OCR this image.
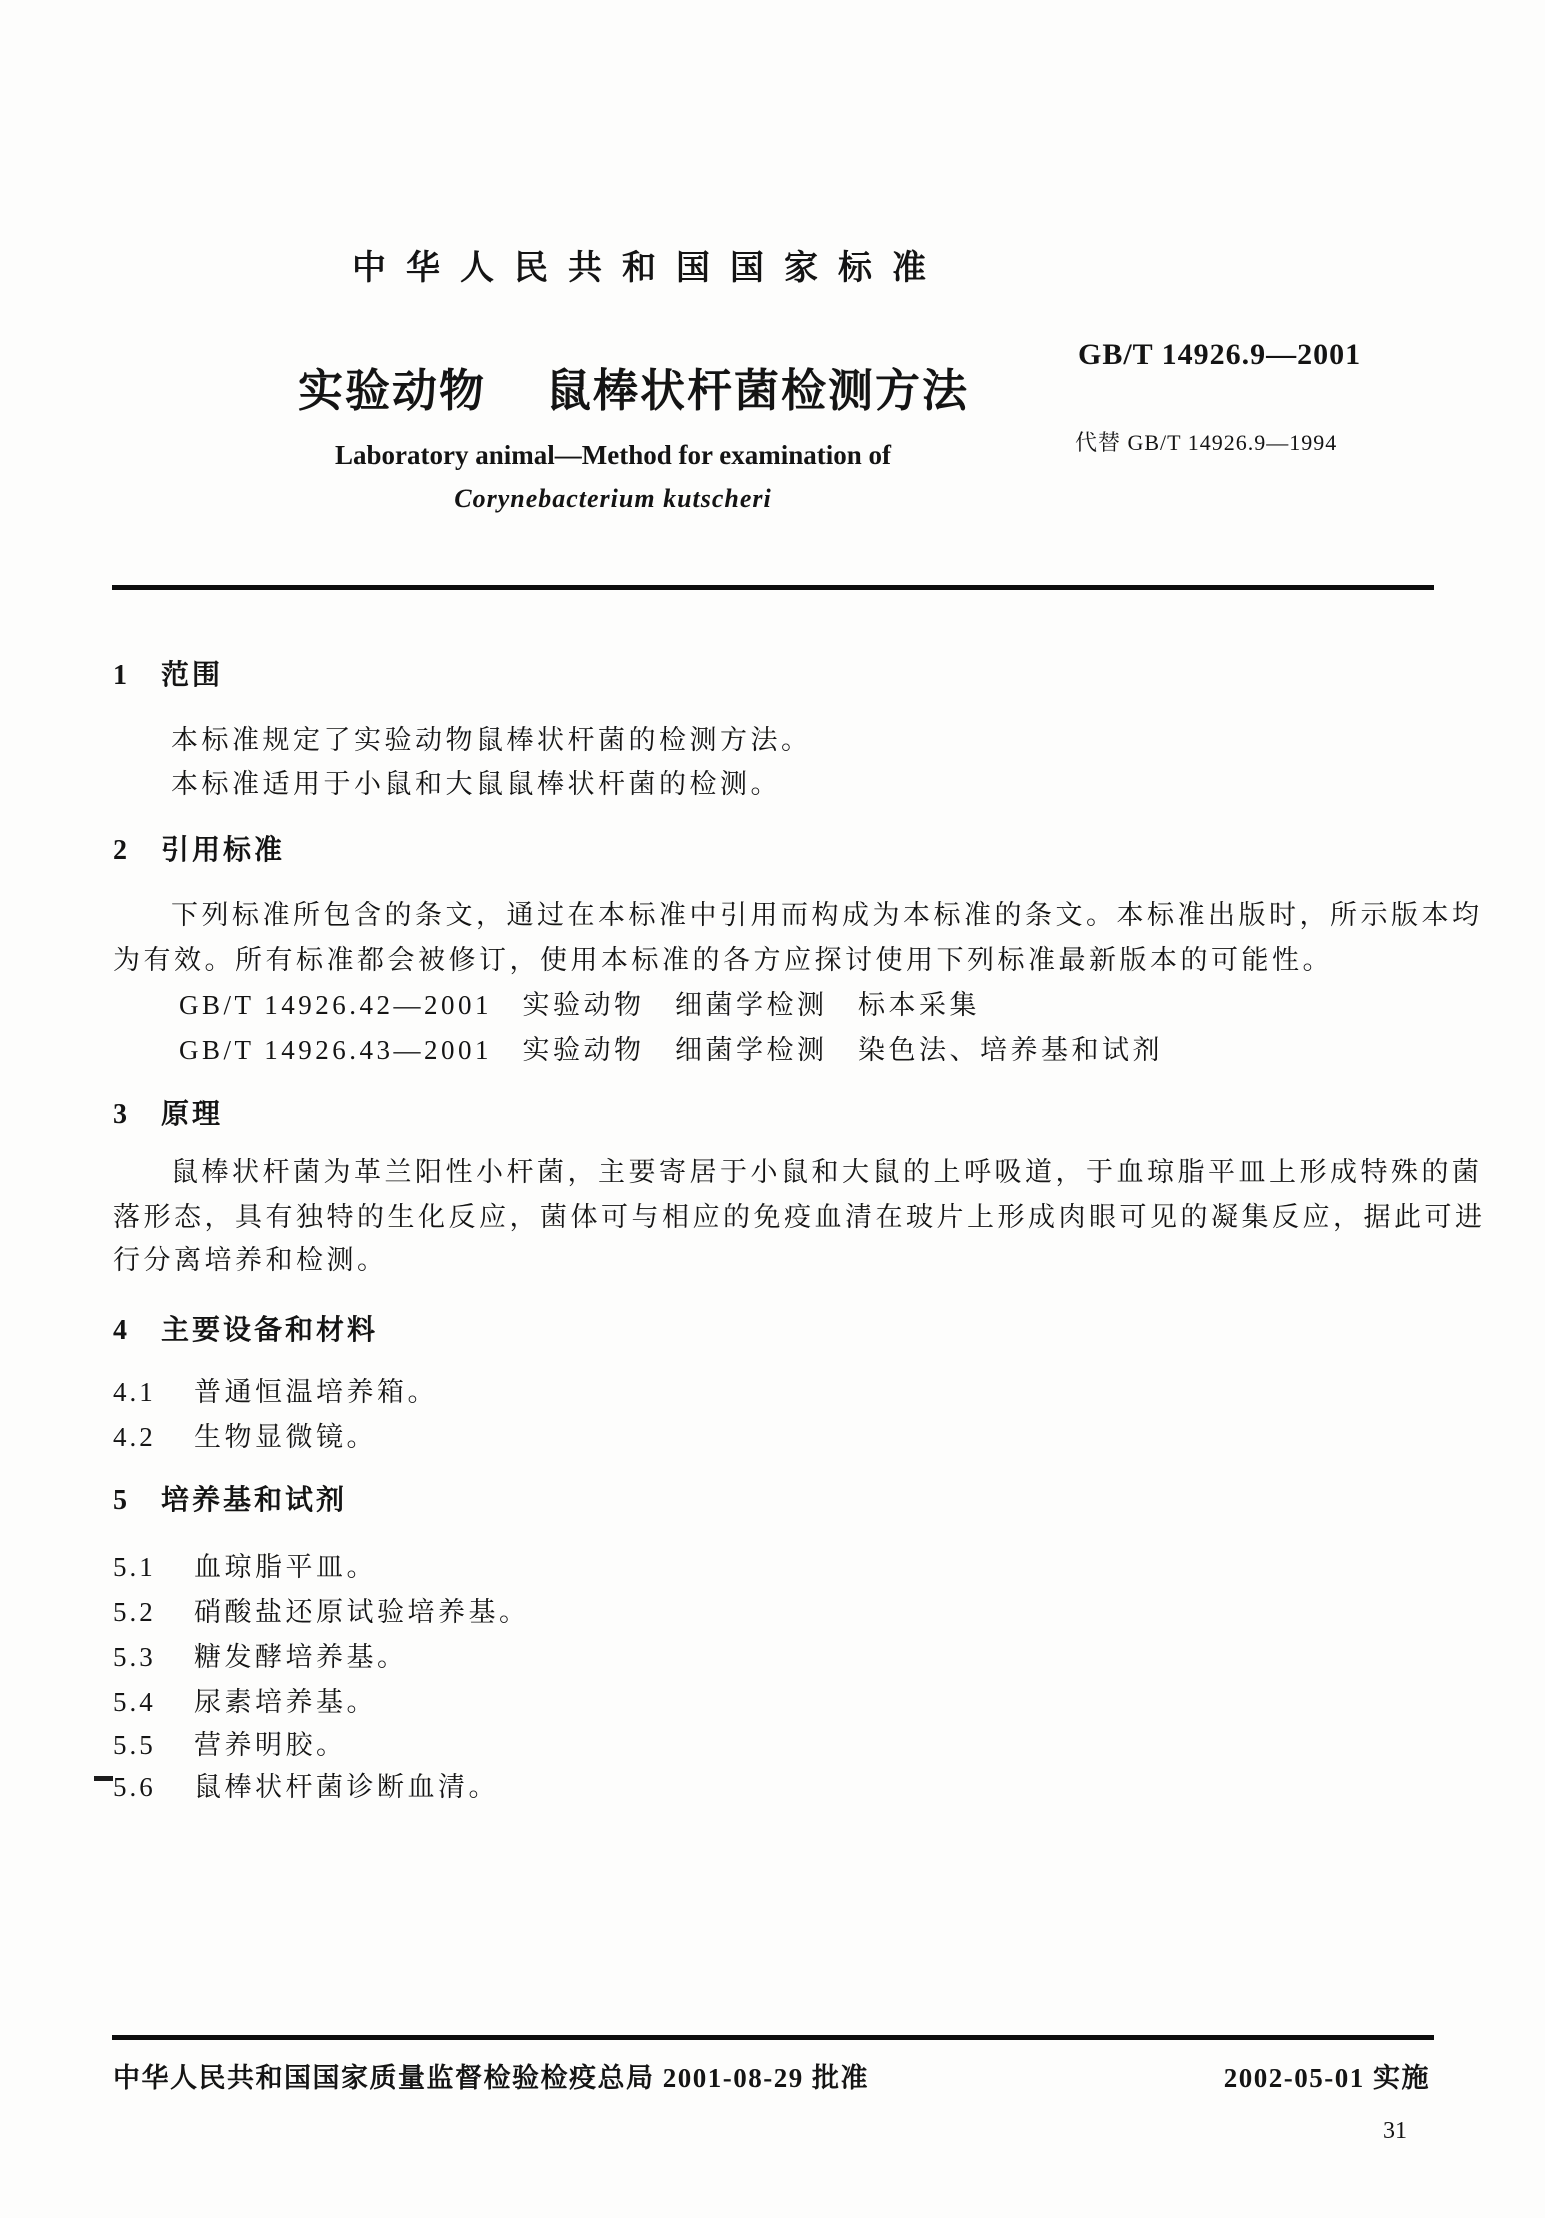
中华人民共和国国家标准
实验动物 鼠棒状杆菌检测方法
GB/T 14926.9—2001
代替 GB/T 14926.9—1994
Laboratory animal—Method for examination of
Corynebacterium kutscheri
1 范围
本标准规定了实验动物鼠棒状杆菌的检测方法。
本标准适用于小鼠和大鼠鼠棒状杆菌的检测。
2 引用标准
下列标准所包含的条文，通过在本标准中引用而构成为本标准的条文。本标准出版时，所示版本均
为有效。所有标准都会被修订，使用本标准的各方应探讨使用下列标准最新版本的可能性。
GB/T 14926.42—2001　实验动物　细菌学检测　标本采集
GB/T 14926.43—2001　实验动物　细菌学检测　染色法、培养基和试剂
3 原理
鼠棒状杆菌为革兰阳性小杆菌，主要寄居于小鼠和大鼠的上呼吸道，于血琼脂平皿上形成特殊的菌
落形态，具有独特的生化反应，菌体可与相应的免疫血清在玻片上形成肉眼可见的凝集反应，据此可进
行分离培养和检测。
4 主要设备和材料
4.1 普通恒温培养箱。
4.2 生物显微镜。
5 培养基和试剂
5.1 血琼脂平皿。
5.2 硝酸盐还原试验培养基。
5.3 糖发酵培养基。
5.4 尿素培养基。
5.5 营养明胶。
5.6 鼠棒状杆菌诊断血清。
中华人民共和国国家质量监督检验检疫总局 2001-08-29 批准	2002-05-01 实施
31
